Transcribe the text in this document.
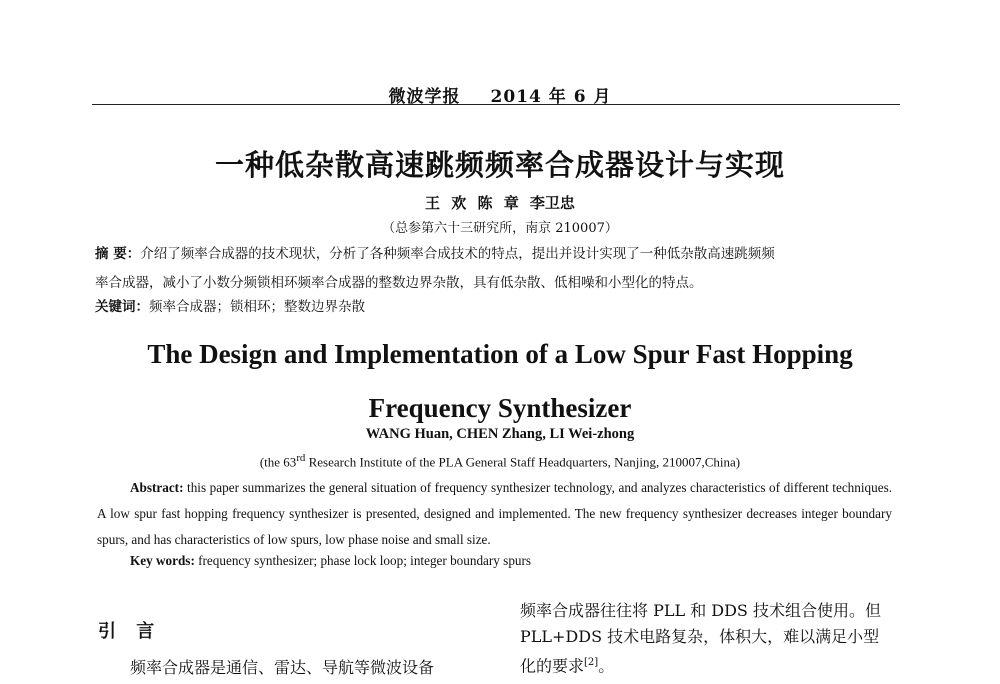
微波学报 2014 年 6 月
一种低杂散高速跳频频率合成器设计与实现
王 欢 陈 章 李卫忠
（总参第六十三研究所，南京 210007）
摘 要：介绍了频率合成器的技术现状，分析了各种频率合成技术的特点，提出并设计实现了一种低杂散高速跳频频
率合成器，减小了小数分频锁相环频率合成器的整数边界杂散，具有低杂散、低相噪和小型化的特点。
关键词：频率合成器；锁相环；整数边界杂散
The Design and Implementation of a Low Spur Fast Hopping
Frequency Synthesizer
WANG Huan, CHEN Zhang, LI Wei-zhong
(the 63rd Research Institute of the PLA General Staff Headquarters, Nanjing, 210007,China)
Abstract: this paper summarizes the general situation of frequency synthesizer technology, and analyzes characteristics of different techniques. A low spur fast hopping frequency synthesizer is presented, designed and implemented. The new frequency synthesizer decreases integer boundary spurs, and has characteristics of low spurs, low phase noise and small size.
Key words: frequency synthesizer; phase lock loop; integer boundary spurs
引 言
频率合成器是通信、雷达、导航等微波设备
频率合成器往往将 PLL 和 DDS 技术组合使用。但
PLL+DDS 技术电路复杂，体积大，难以满足小型
化的要求[2]。
